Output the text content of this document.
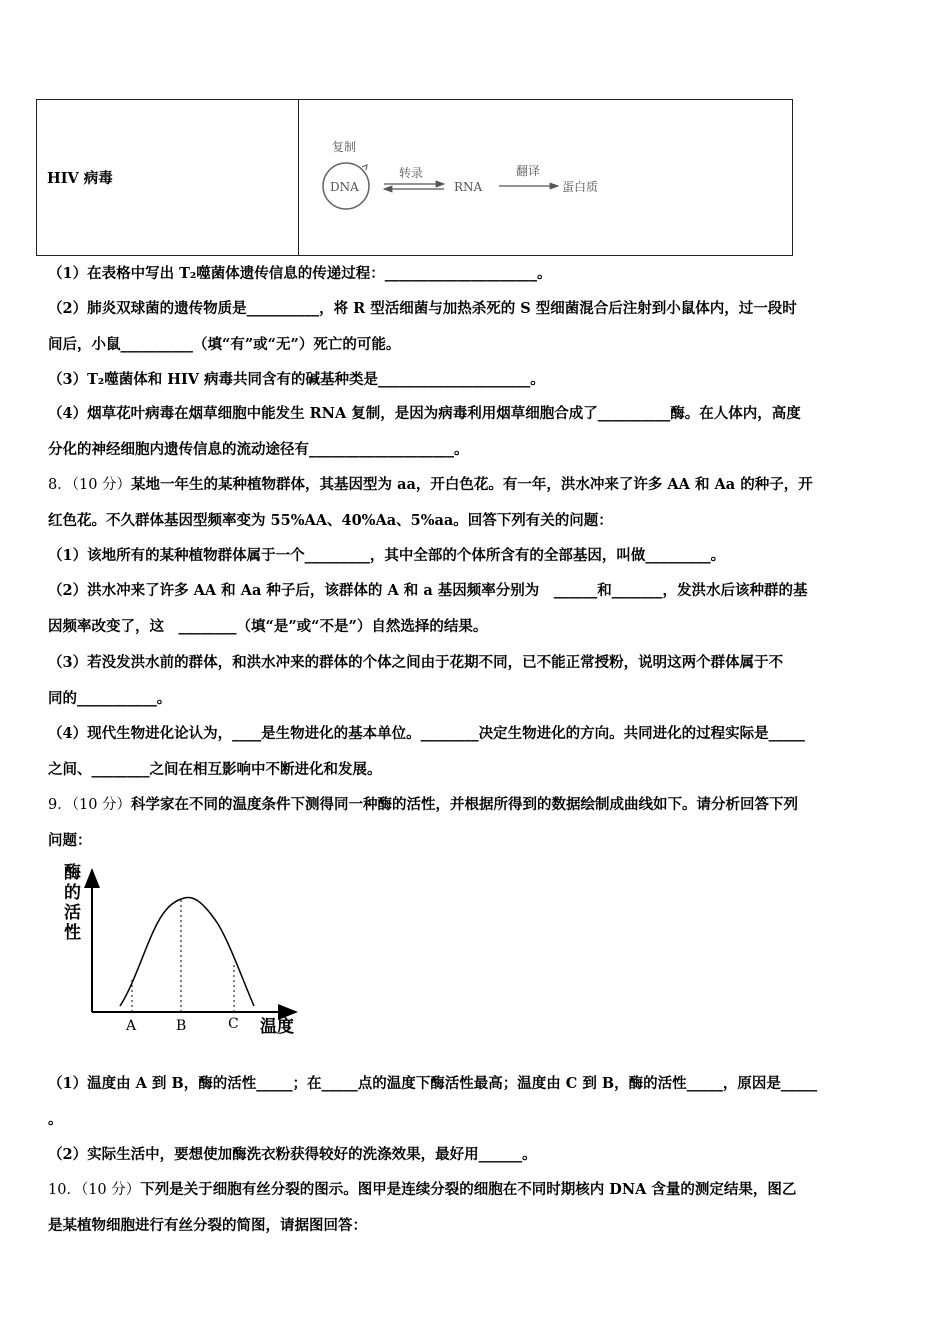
HIV 病毒	
复制
DNA
转录
RNA
翻译
蛋白质
（1）在表格中写出 T₂噬菌体遗传信息的传递过程：_____________________。
（2）肺炎双球菌的遗传物质是__________，将 R 型活细菌与加热杀死的 S 型细菌混合后注射到小鼠体内，过一段时
间后，小鼠__________（填“有”或“无”）死亡的可能。
（3）T₂噬菌体和 HIV 病毒共同含有的碱基种类是_____________________。
（4）烟草花叶病毒在烟草细胞中能发生 RNA 复制，是因为病毒利用烟草细胞合成了__________酶。在人体内，高度
分化的神经细胞内遗传信息的流动途径有____________________。
8．（10 分）某地一年生的某种植物群体，其基因型为 aa，开白色花。有一年，洪水冲来了许多 AA 和 Aa 的种子，开
红色花。不久群体基因型频率变为 55%AA、40%Aa、5%aa。回答下列有关的问题：
（1）该地所有的某种植物群体属于一个_________，其中全部的个体所含有的全部基因，叫做_________。
（2）洪水冲来了许多 AA 和 Aa 种子后，该群体的 A 和 a 基因频率分别为　______和_______，发洪水后该种群的基
因频率改变了，这　________（填“是”或“不是”）自然选择的结果。
（3）若没发洪水前的群体，和洪水冲来的群体的个体之间由于花期不同，已不能正常授粉，说明这两个群体属于不
同的___________。
（4）现代生物进化论认为，____是生物进化的基本单位。________决定生物进化的方向。共同进化的过程实际是_____
之间、________之间在相互影响中不断进化和发展。
9．（10 分）科学家在不同的温度条件下测得同一种酶的活性，并根据所得到的数据绘制成曲线如下。请分析回答下列
问题：
酶
的
活
性
A	B	C 温度
（1）温度由 A 到 B，酶的活性_____；在_____点的温度下酶活性最高；温度由 C 到 B，酶的活性_____，原因是_____
。
（2）实际生活中，要想使加酶洗衣粉获得较好的洗涤效果，最好用______。
10．（10 分）下列是关于细胞有丝分裂的图示。图甲是连续分裂的细胞在不同时期核内 DNA 含量的测定结果，图乙
是某植物细胞进行有丝分裂的简图，请据图回答：
